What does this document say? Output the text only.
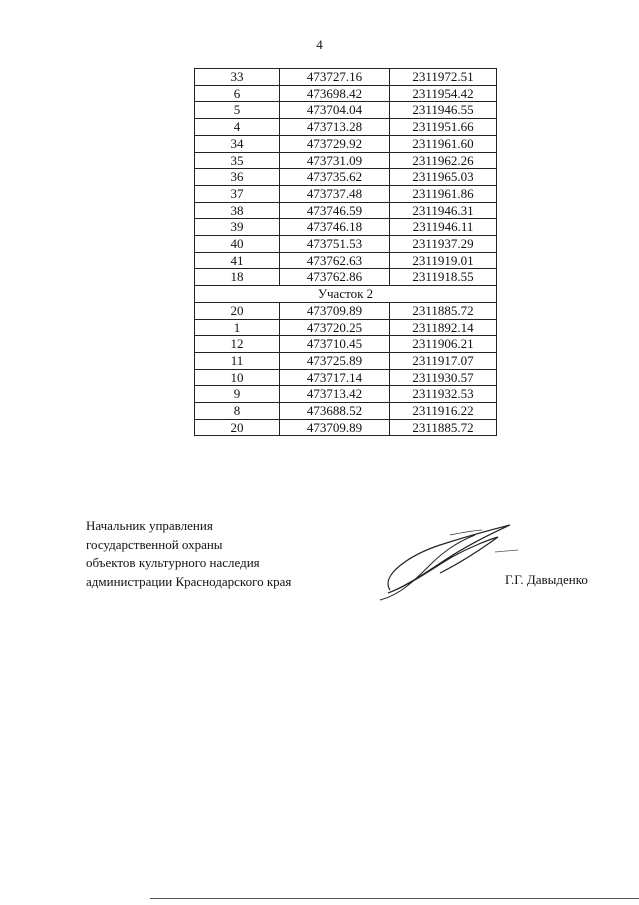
4
33	473727.16	2311972.51
6	473698.42	2311954.42
5	473704.04	2311946.55
4	473713.28	2311951.66
34	473729.92	2311961.60
35	473731.09	2311962.26
36	473735.62	2311965.03
37	473737.48	2311961.86
38	473746.59	2311946.31
39	473746.18	2311946.11
40	473751.53	2311937.29
41	473762.63	2311919.01
18	473762.86	2311918.55
Участок 2		
20	473709.89	2311885.72
1	473720.25	2311892.14
12	473710.45	2311906.21
11	473725.89	2311917.07
10	473717.14	2311930.57
9	473713.42	2311932.53
8	473688.52	2311916.22
20	473709.89	2311885.72
Начальник управления
государственной охраны
объектов культурного наследия
администрации Краснодарского края	Г.Г. Давыденко
